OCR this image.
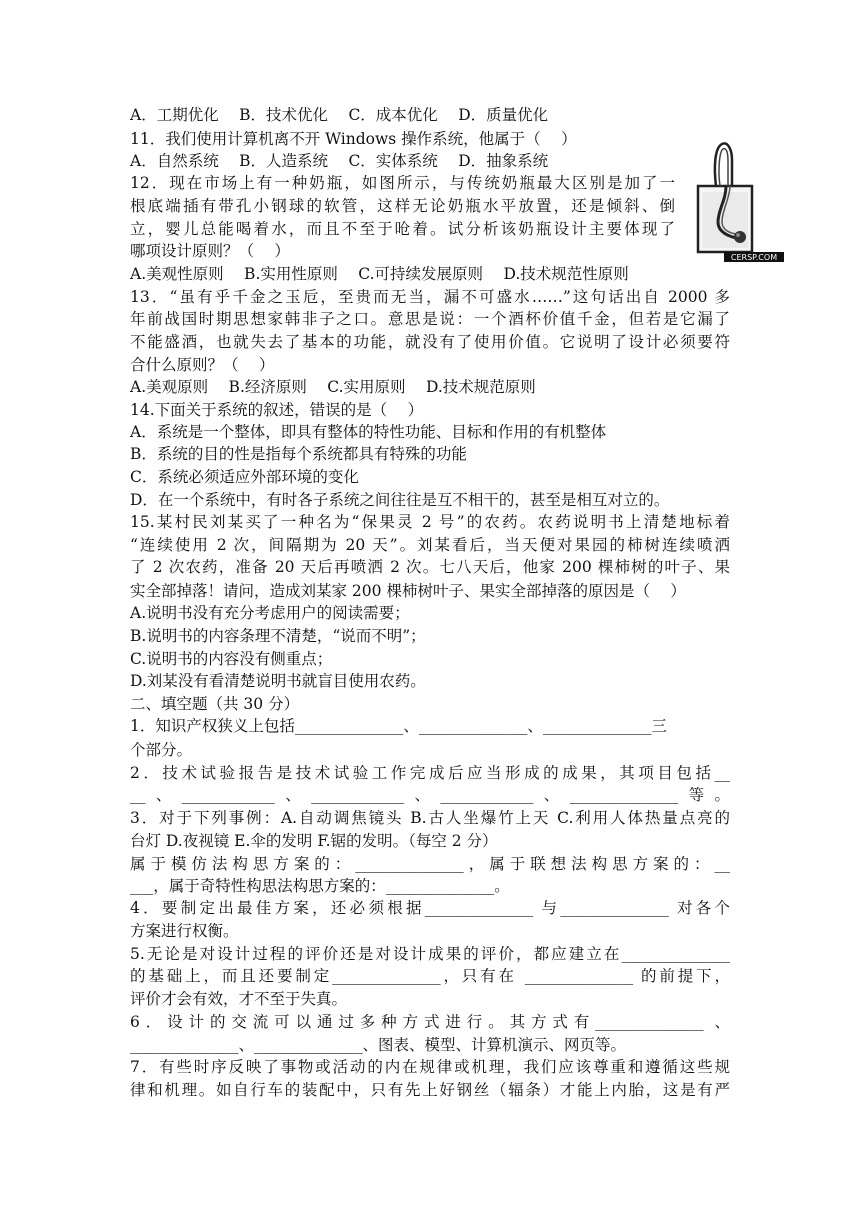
A．工期优化　 B．技术优化　 C．成本优化　 D．质量优化
11．我们使用计算机离不开 Windows 操作系统，他属于（　 ）
A．自然系统　 B．人造系统　 C．实体系统　 D．抽象系统
12．现在市场上有一种奶瓶，如图所示，与传统奶瓶最大区别是加了一
根底端插有带孔小钢球的软管，这样无论奶瓶水平放置，还是倾斜、倒
立，婴儿总能喝着水，而且不至于呛着。试分析该奶瓶设计主要体现了
哪项设计原则？（　 ）
A.美观性原则　 B.实用性原则　 C.可持续发展原则　 D.技术规范性原则
13．“虽有乎千金之玉卮，至贵而无当，漏不可盛水……”这句话出自 2000 多
年前战国时期思想家韩非子之口。意思是说：一个酒杯价值千金，但若是它漏了
不能盛酒，也就失去了基本的功能，就没有了使用价值。它说明了设计必须要符
合什么原则？（　 ）
A.美观原则　 B.经济原则　 C.实用原则　 D.技术规范原则
14.下面关于系统的叙述，错误的是（　 ）
A．系统是一个整体，即具有整体的特性功能、目标和作用的有机整体
B．系统的目的性是指每个系统都具有特殊的功能
C．系统必须适应外部环境的变化
D．在一个系统中，有时各子系统之间往往是互不相干的，甚至是相互对立的。
15.某村民刘某买了一种名为“保果灵 2 号”的农药。农药说明书上清楚地标着
“连续使用 2 次，间隔期为 20 天”。刘某看后，当天便对果园的柿树连续喷洒
了 2 次农药，准备 20 天后再喷洒 2 次。七八天后，他家 200 棵柿树的叶子、果
实全部掉落！请问，造成刘某家 200 棵柿树叶子、果实全部掉落的原因是（　 ）
A.说明书没有充分考虑用户的阅读需要；
B.说明书的内容条理不清楚，“说而不明”；
C.说明书的内容没有侧重点；
D.刘某没有看清楚说明书就盲目使用农药。
二、填空题（共 30 分）
1．知识产权狭义上包括______________、______________、______________三
个部分。
2．技术试验报告是技术试验工作完成后应当形成的成果，其项目包括__
__、____________、____________、____________、______________等。
3．对于下列事例：A.自动调焦镜头 B.古人坐爆竹上天 C.利用人体热量点亮的
台灯 D.夜视镜 E.伞的发明 F.锯的发明。（每空 2 分）
属于模仿法构思方案的：______________，属于联想法构思方案的：__
___，属于奇特性构思法构思方案的：______________。
4．要制定出最佳方案，还必须根据______________ 与______________ 对各个
方案进行权衡。
5.无论是对设计过程的评价还是对设计成果的评价，都应建立在______________
的基础上，而且还要制定______________，只有在 ______________ 的前提下，
评价才会有效，才不至于失真。
6．设计的交流可以通过多种方式进行。其方式有______________ 、
______________、______________、图表、模型、计算机演示、网页等。
7．有些时序反映了事物或活动的内在规律或机理，我们应该尊重和遵循这些规
律和机理。如自行车的装配中，只有先上好钢丝（辐条）才能上内胎，这是有严
CERSP.COM
